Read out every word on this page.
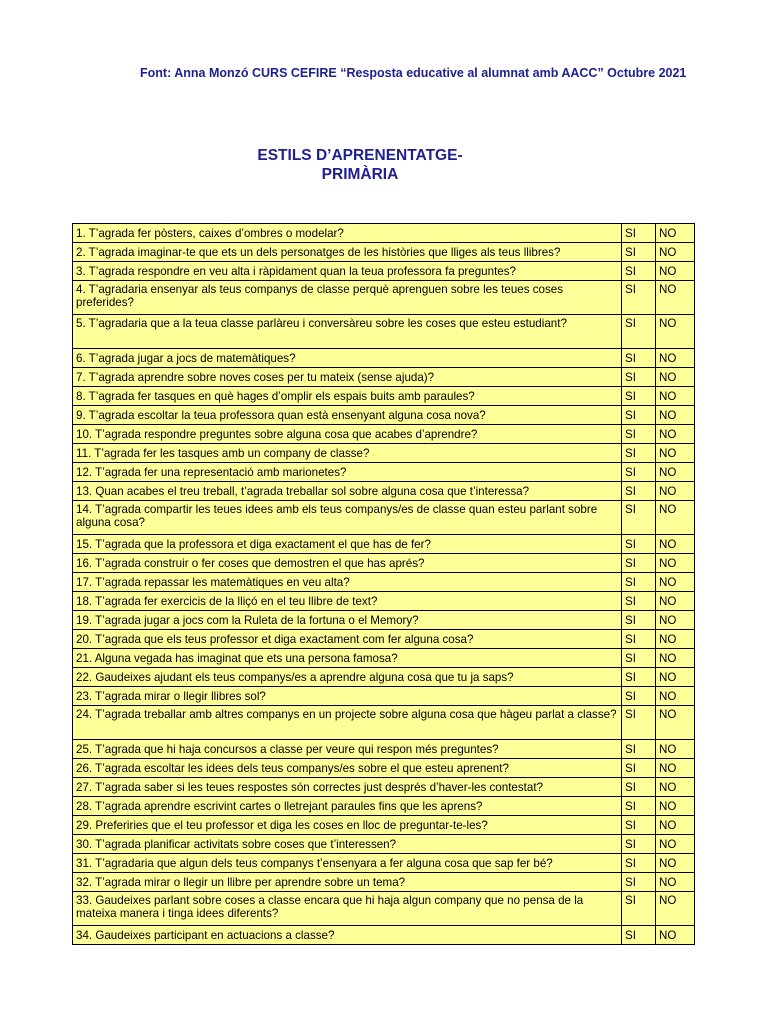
Font: Anna Monzó CURS CEFIRE “Resposta educative al alumnat amb AACC” Octubre 2021
ESTILS D’APRENENTATGE-
PRIMÀRIA
1. T’agrada fer pòsters, caixes d’ombres o modelar?	SI	NO
2. T’agrada imaginar-te que ets un dels personatges de les històries que lliges als teus llibres?	SI	NO
3. T’agrada respondre en veu alta i ràpidament quan la teua professora fa preguntes?	SI	NO
4. T’agradaria ensenyar als teus companys de classe perquè aprenguen sobre les teues coses preferides?	SI	NO
5. T’agradaria que a la teua classe parlàreu i conversàreu sobre les coses que esteu estudiant?	SI	NO
6. T’agrada jugar a jocs de matemàtiques?	SI	NO
7. T’agrada aprendre sobre noves coses per tu mateix (sense ajuda)?	SI	NO
8. T’agrada fer tasques en què hages d’omplir els espais buits amb paraules?	SI	NO
9. T’agrada escoltar la teua professora quan està ensenyant alguna cosa nova?	SI	NO
10. T’agrada respondre preguntes sobre alguna cosa que acabes d’aprendre?	SI	NO
11. T’agrada fer les tasques amb un company de classe?	SI	NO
12. T’agrada fer una representació amb marionetes?	SI	NO
13. Quan acabes el treu treball, t’agrada treballar sol sobre alguna cosa que t’interessa?	SI	NO
14. T’agrada compartir les teues idees amb els teus companys/es de classe quan esteu parlant sobre alguna cosa?	SI	NO
15. T’agrada que la professora et diga exactament el que has de fer?	SI	NO
16. T’agrada construir o fer coses que demostren el que has aprés?	SI	NO
17. T’agrada repassar les matemàtiques en veu alta?	SI	NO
18. T’agrada fer exercicis de la lliçó en el teu llibre de text?	SI	NO
19. T’agrada jugar a jocs com la Ruleta de la fortuna o el Memory?	SI	NO
20. T’agrada que els teus professor et diga exactament com fer alguna cosa?	SI	NO
21. Alguna vegada has imaginat que ets una persona famosa?	SI	NO
22. Gaudeixes ajudant els teus companys/es a aprendre alguna cosa que tu ja saps?	SI	NO
23. T’agrada mirar o llegir llibres sol?	SI	NO
24. T’agrada treballar amb altres companys en un projecte sobre alguna cosa que hàgeu parlat a classe?	SI	NO
25. T’agrada que hi haja concursos a classe per veure qui respon més preguntes?	SI	NO
26. T’agrada escoltar les idees dels teus companys/es sobre el que esteu aprenent?	SI	NO
27. T’agrada saber si les teues respostes són correctes just després d’haver-les contestat?	SI	NO
28. T’agrada aprendre escrivint cartes o lletrejant paraules fins que les aprens?	SI	NO
29. Preferiries que el teu professor et diga les coses en lloc de preguntar-te-les?	SI	NO
30. T’agrada planificar activitats sobre coses que t’interessen?	SI	NO
31. T’agradaria que algun dels teus companys t’ensenyara a fer alguna cosa que sap fer bé?	SI	NO
32. T’agrada mirar o llegir un llibre per aprendre sobre un tema?	SI	NO
33. Gaudeixes parlant sobre coses a classe encara que hi haja algun company que no pensa de la mateixa manera i tinga idees diferents?	SI	NO
34. Gaudeixes participant en actuacions a classe?	SI	NO
